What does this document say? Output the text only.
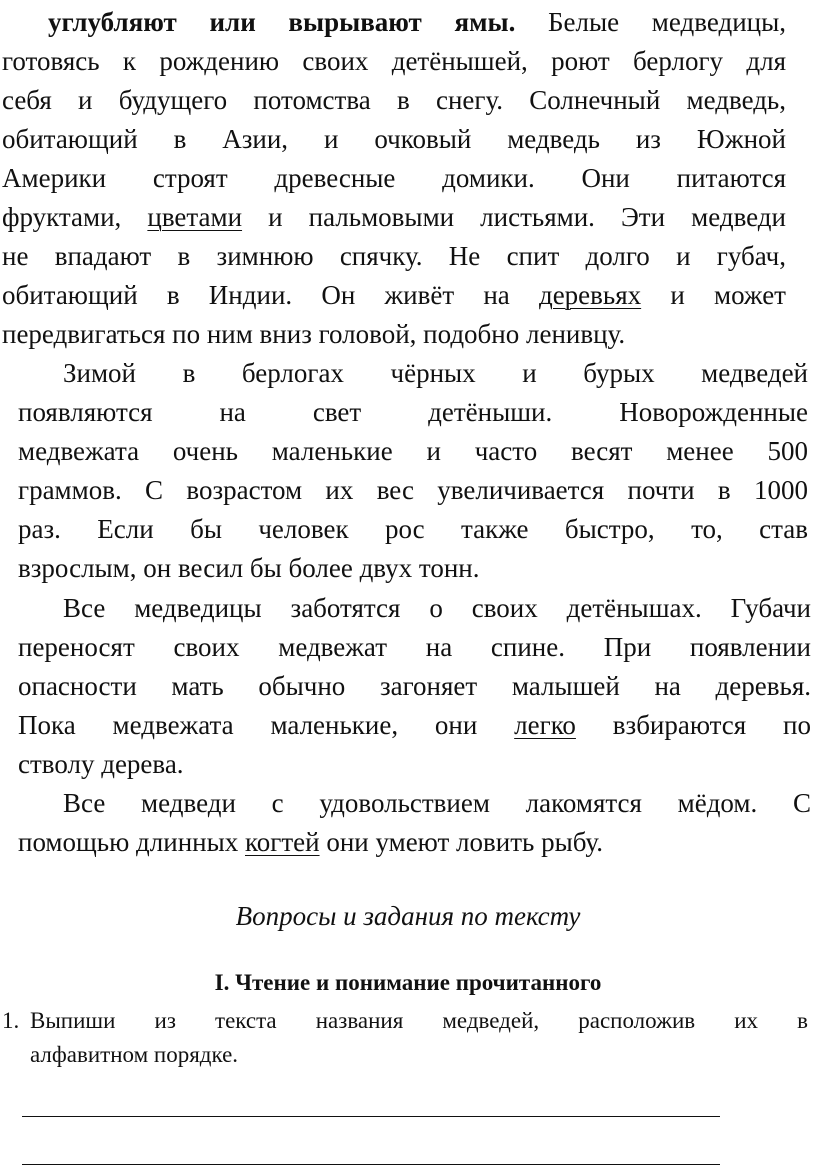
углубляют или вырывают ямы. Белые медведицы,
готовясь к рождению своих детёнышей, роют берлогу для
себя и будущего потомства в снегу. Солнечный медведь,
обитающий в Азии, и очковый медведь из Южной
Америки строят древесные домики. Они питаются
фруктами, цветами и пальмовыми листьями. Эти медведи
не впадают в зимнюю спячку. Не спит долго и губач,
обитающий в Индии. Он живёт на деревьях и может
передвигаться по ним вниз головой, подобно ленивцу.
Зимой в берлогах чёрных и бурых медведей
появляются на свет детёныши. Новорожденные
медвежата очень маленькие и часто весят менее 500
граммов. С возрастом их вес увеличивается почти в 1000
раз. Если бы человек рос также быстро, то, став
взрослым, он весил бы более двух тонн.
Все медведицы заботятся о своих детёнышах. Губачи
переносят своих медвежат на спине. При появлении
опасности мать обычно загоняет малышей на деревья.
Пока медвежата маленькие, они легко взбираются по
стволу дерева.
Все медведи с удовольствием лакомятся мёдом. С
помощью длинных когтей они умеют ловить рыбу.
Вопросы и задания по тексту
I. Чтение и понимание прочитанного
1. Выпиши из текста названия медведей, расположив их в
алфавитном порядке.
